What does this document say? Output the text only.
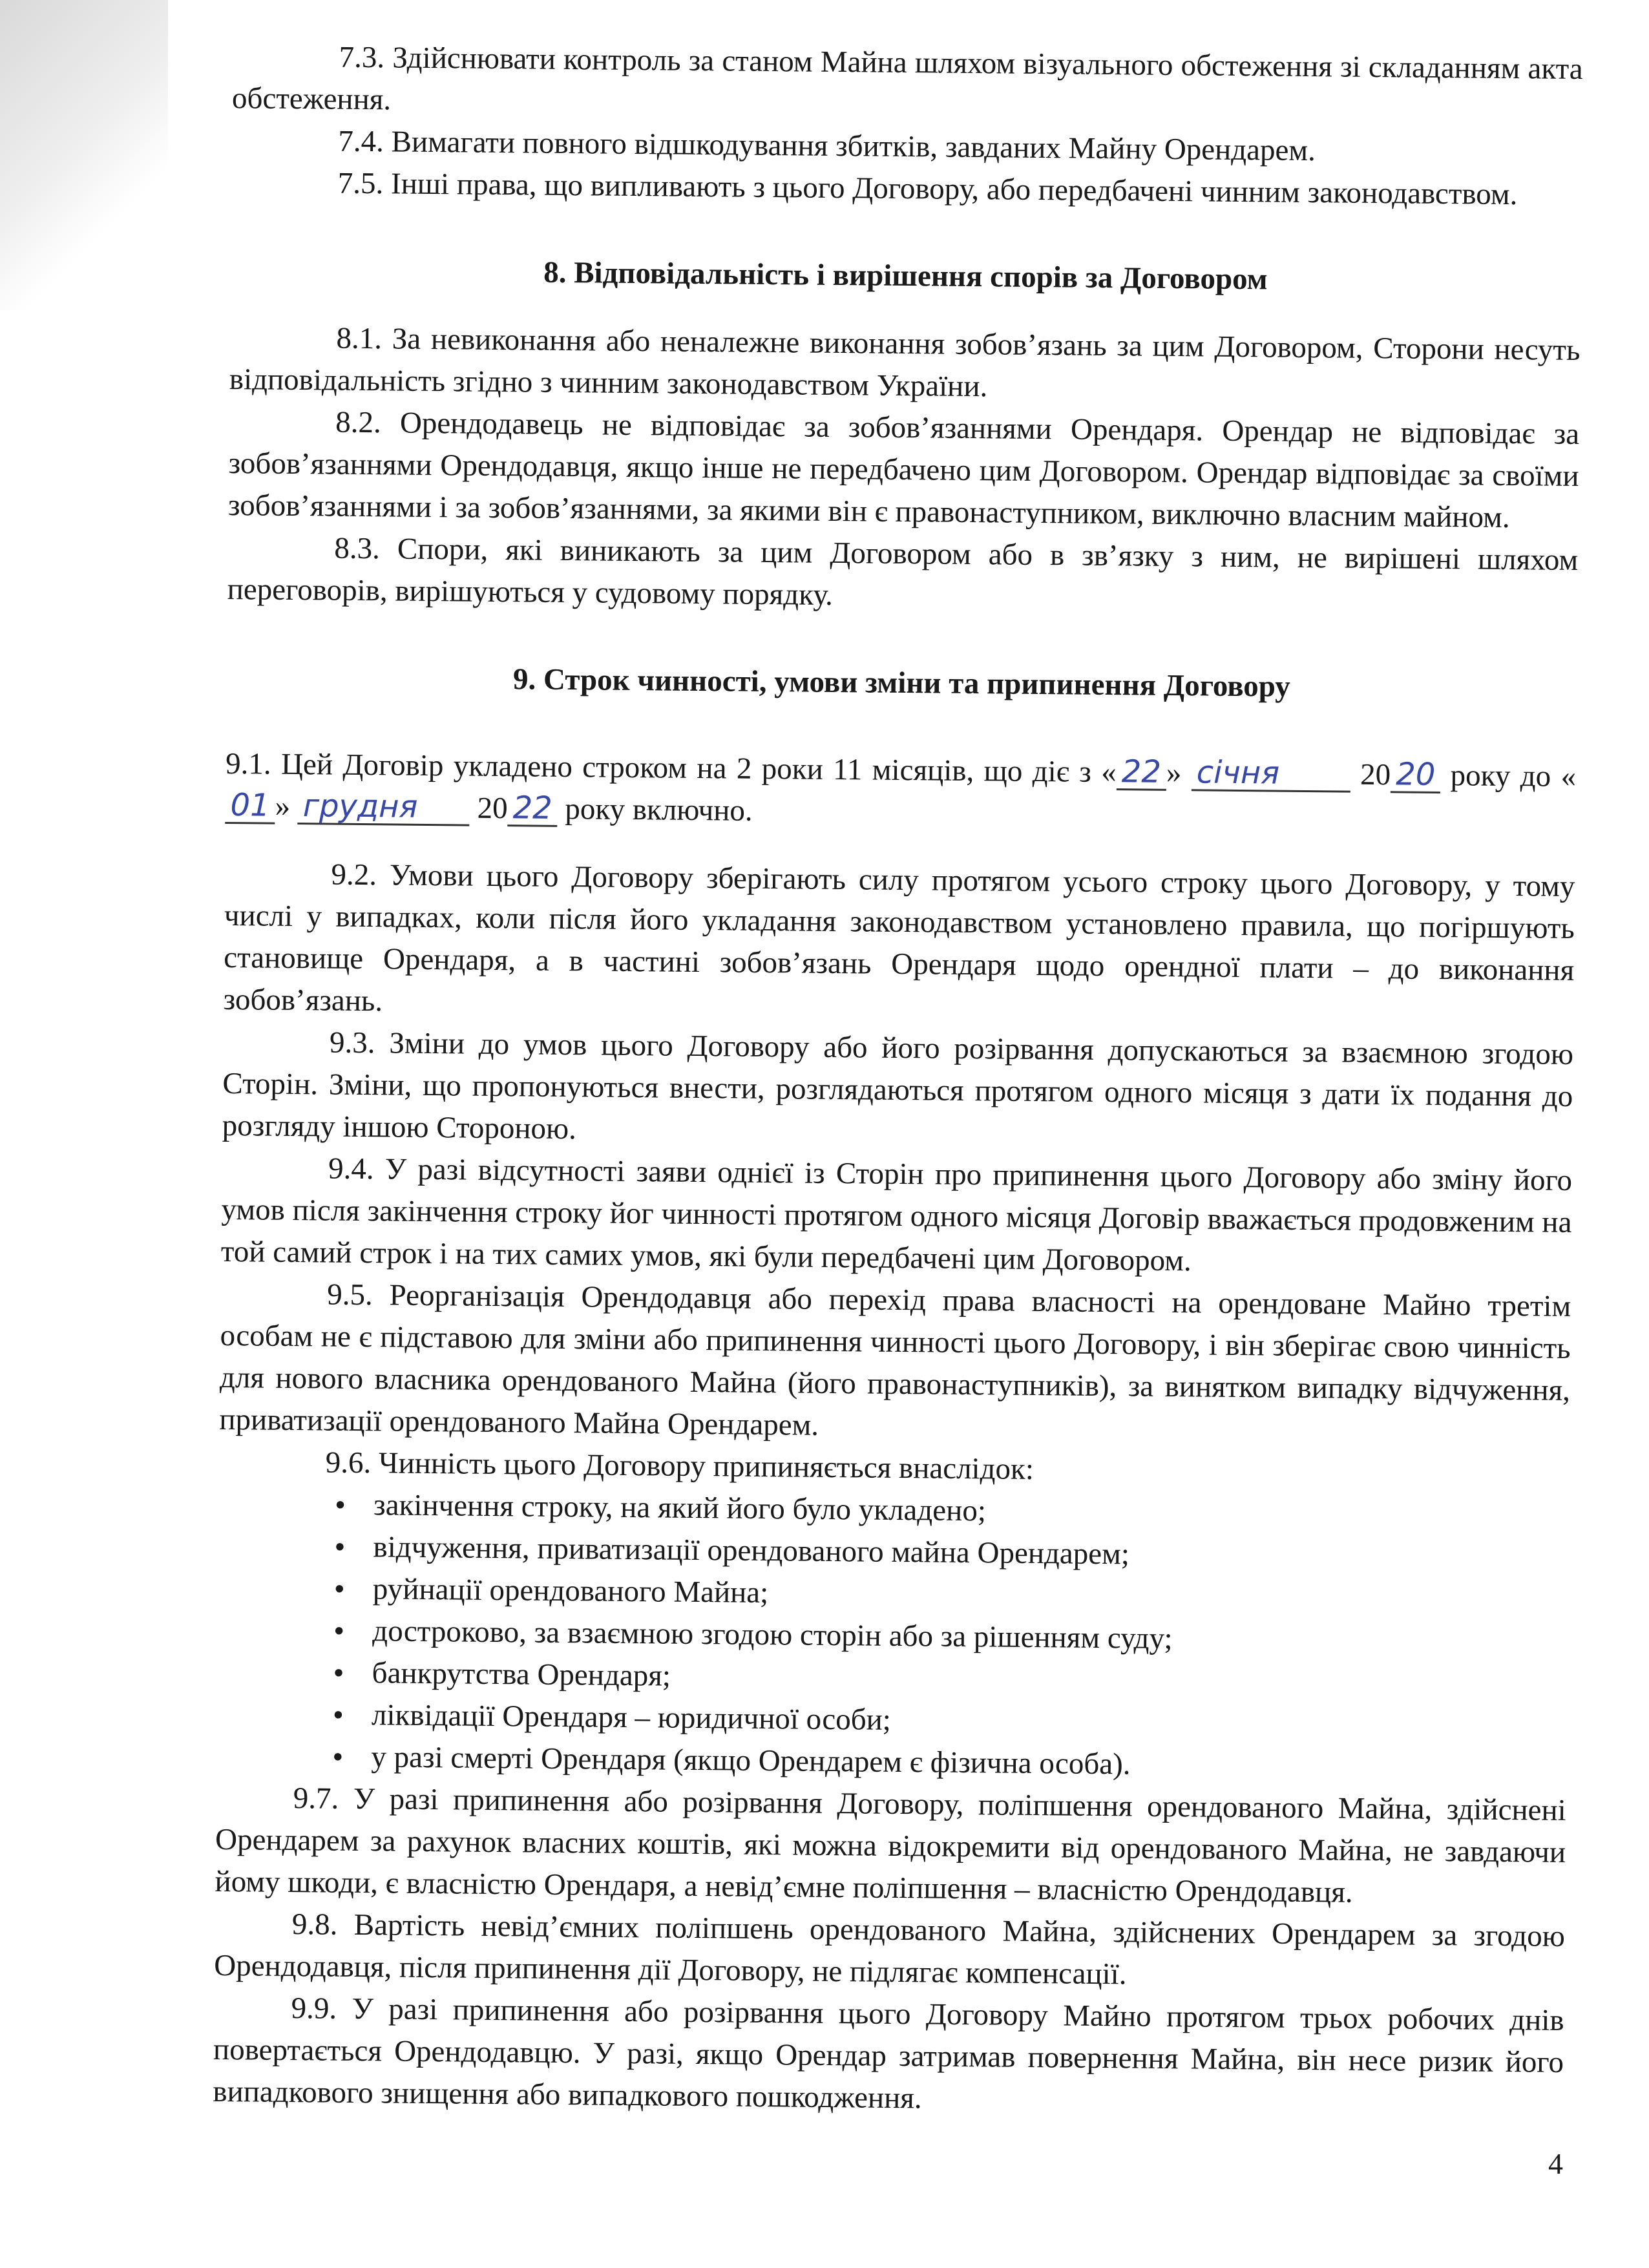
7.3. Здійснювати контроль за станом Майна шляхом візуального обстеження зі складанням акта обстеження.

7.4. Вимагати повного відшкодування збитків, завданих Майну Орендарем.

7.5. Інші права, що випливають з цього Договору, або передбачені чинним законодавством.

8. Відповідальність і вирішення спорів за Договором

8.1. За невиконання або неналежне виконання зобов’язань за цим Договором, Сторони несуть відповідальність згідно з чинним законодавством України.

8.2. Орендодавець не відповідає за зобов’язаннями Орендаря. Орендар не відповідає за зобов’язаннями Орендодавця, якщо інше не передбачено цим Договором. Орендар відповідає за своїми зобов’язаннями і за зобов’язаннями, за якими він є правонаступником, виключно власним майном.

8.3. Спори, які виникають за цим Договором або в зв’язку з ним, не вирішені шляхом переговорів, вирішуються у судовому порядку.

9. Строк чинності, умови зміни та припинення Договору

9.1. Цей Договір укладено строком на 2 роки 11 місяців, що діє з « 22 » січня 20 20 року до «01 » грудня 20 22 року включно.

9.2. Умови цього Договору зберігають силу протягом усього строку цього Договору, у тому числі у випадках, коли після його укладання законодавством установлено правила, що погіршують становище Орендаря, а в частині зобов’язань Орендаря щодо орендної плати – до виконання зобов’язань.

9.3. Зміни до умов цього Договору або його розірвання допускаються за взаємною згодою Сторін. Зміни, що пропонуються внести, розглядаються протягом одного місяця з дати їх подання до розгляду іншою Стороною.

9.4. У разі відсутності заяви однієї із Сторін про припинення цього Договору або зміну його умов після закінчення строку йог чинності протягом одного місяця Договір вважається продовженим на той самий строк і на тих самих умов, які були передбачені цим Договором.

9.5. Реорганізація Орендодавця або перехід права власності на орендоване Майно третім особам не є підставою для зміни або припинення чинності цього Договору, і він зберігає свою чинність для нового власника орендованого Майна (його правонаступників), за винятком випадку відчуження, приватизації орендованого Майна Орендарем.

9.6. Чинність цього Договору припиняється внаслідок:

• закінчення строку, на який його було укладено;
• відчуження, приватизації орендованого майна Орендарем;
• руйнації орендованого Майна;
• достроково, за взаємною згодою сторін або за рішенням суду;
• банкрутства Орендаря;
• ліквідації Орендаря – юридичної особи;
• у разі смерті Орендаря (якщо Орендарем є фізична особа).

9.7. У разі припинення або розірвання Договору, поліпшення орендованого Майна, здійснені Орендарем за рахунок власних коштів, які можна відокремити від орендованого Майна, не завдаючи йому шкоди, є власністю Орендаря, а невід’ємне поліпшення – власністю Орендодавця.

9.8. Вартість невід’ємних поліпшень орендованого Майна, здійснених Орендарем за згодою Орендодавця, після припинення дії Договору, не підлягає компенсації.

9.9. У разі припинення або розірвання цього Договору Майно протягом трьох робочих днів повертається Орендодавцю. У разі, якщо Орендар затримав повернення Майна, він несе ризик його випадкового знищення або випадкового пошкодження.

4
